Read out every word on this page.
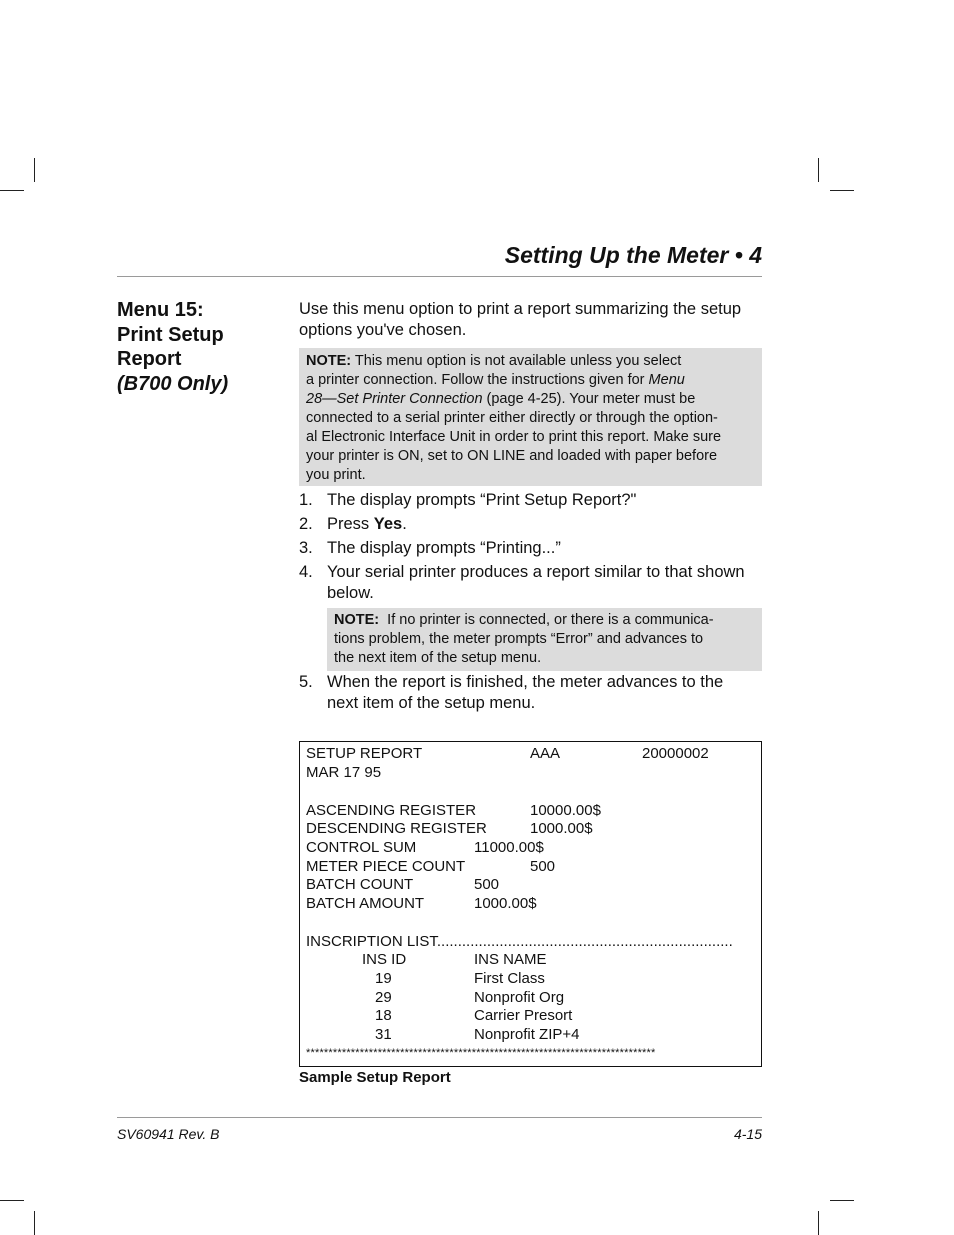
Setting Up the Meter • 4
Menu 15:
Print Setup
Report
(B700 Only)
Use this menu option to print a report summarizing the setup options you've chosen.
NOTE: This menu option is not available unless you select
a printer connection. Follow the instructions given for Menu
28—Set Printer Connection (page 4-25). Your meter must be
connected to a serial printer either directly or through the option-
al Electronic Interface Unit in order to print this report. Make sure
your printer is ON, set to ON LINE and loaded with paper before
you print.
1. The display prompts “Print Setup Report?"
2. Press Yes.
3. The display prompts “Printing...”
4. Your serial printer produces a report similar to that shown
below.
NOTE:  If no printer is connected, or there is a communica-
tions problem, the meter prompts “Error” and advances to
the next item of the setup menu.
5. When the report is finished, the meter advances to the
next item of the setup menu.
SETUP REPORT	AAA	20000002
MAR 17 95
ASCENDING REGISTER	10000.00$
DESCENDING REGISTER	1000.00$
CONTROL SUM	11000.00$
METER PIECE COUNT	500
BATCH COUNT	500
BATCH AMOUNT	1000.00$
INSCRIPTION LIST.......................................................................
INS ID	INS NAME
19	First Class
29	Nonprofit Org
18	Carrier Presort
31	Nonprofit ZIP+4
******************************************************************************
Sample Setup Report
SV60941 Rev. B	4-15
